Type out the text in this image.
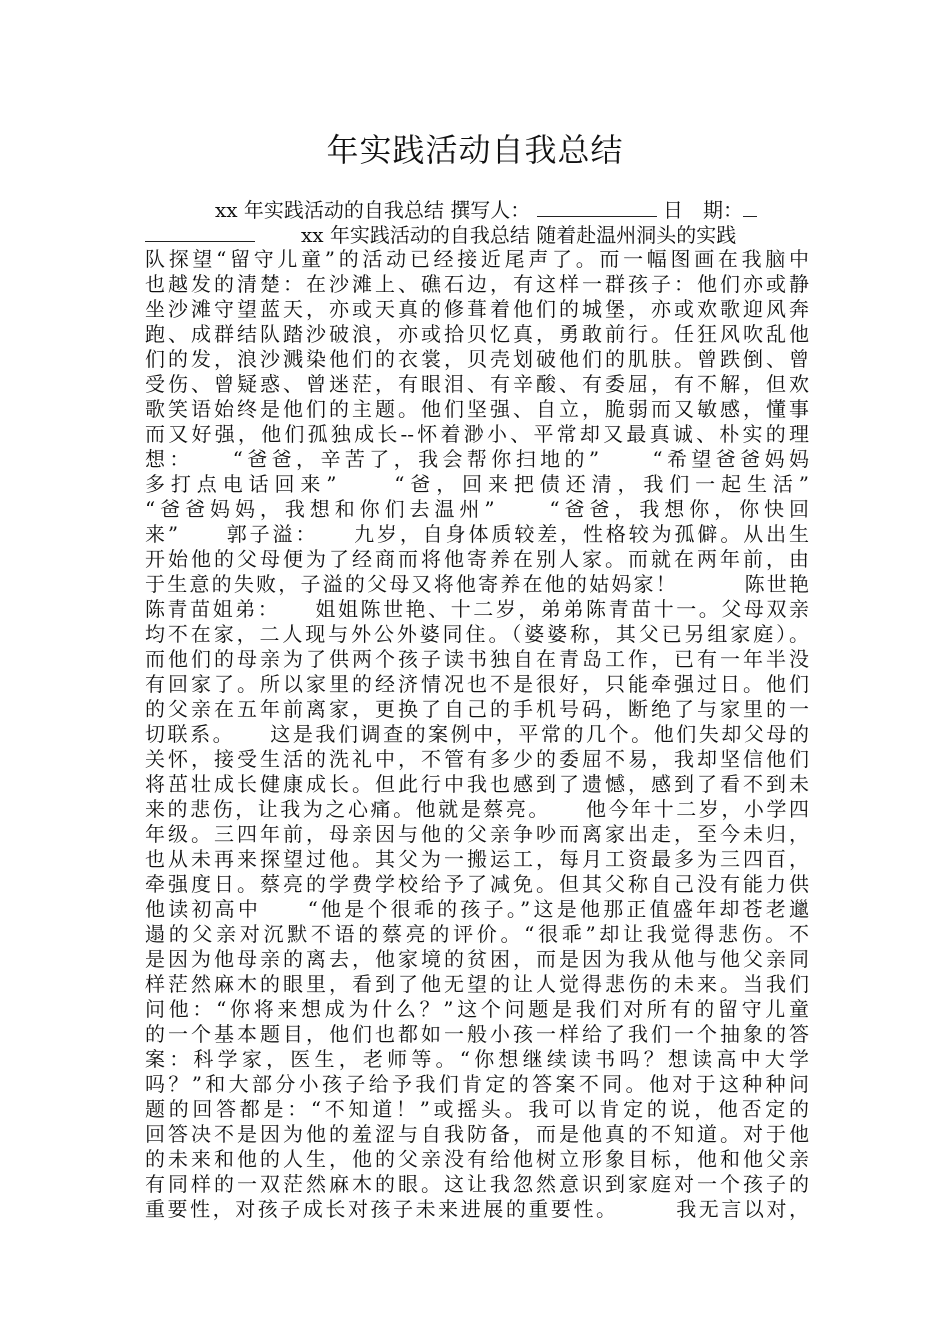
年实践活动自我总结
xx 年实践活动的自我总结 撰写人：	日　期：
xx 年实践活动的自我总结 随着赴温州洞头的实践
队探望“留守儿童”的活动已经接近尾声了。而一幅图画在我脑中
也越发的清楚：在沙滩上、礁石边，有这样一群孩子：他们亦或静
坐沙滩守望蓝天，亦或天真的修葺着他们的城堡，亦或欢歌迎风奔
跑、成群结队踏沙破浪，亦或拾贝忆真，勇敢前行。任狂风吹乱他
们的发，浪沙溅染他们的衣裳，贝壳划破他们的肌肤。曾跌倒、曾
受伤、曾疑惑、曾迷茫，有眼泪、有辛酸、有委屈，有不解，但欢
歌笑语始终是他们的主题。他们坚强、自立，脆弱而又敏感，懂事
而又好强，他们孤独成长--怀着渺小、平常却又最真诚、朴实的理
想：　　“爸爸，辛苦了，我会帮你扫地的”　　“希望爸爸妈妈
多打点电话回来”　　“爸，回来把债还清，我们一起生活”
“爸爸妈妈，我想和你们去温州”　　“爸爸，我想你，你快回
来”　　郭子溢：　　九岁，自身体质较差，性格较为孤僻。从出生
开始他的父母便为了经商而将他寄养在别人家。而就在两年前，由
于生意的失败，子溢的父母又将他寄养在他的姑妈家！　　　陈世艳
陈青苗姐弟：　　姐姐陈世艳、十二岁，弟弟陈青苗十一。父母双亲
均不在家，二人现与外公外婆同住。（婆婆称，其父已另组家庭）。
而他们的母亲为了供两个孩子读书独自在青岛工作，已有一年半没
有回家了。所以家里的经济情况也不是很好，只能牵强过日。他们
的父亲在五年前离家，更换了自己的手机号码，断绝了与家里的一
切联系。　　这是我们调查的案例中，平常的几个。他们失却父母的
关怀，接受生活的洗礼中，不管有多少的委屈不易，我却坚信他们
将茁壮成长健康成长。但此行中我也感到了遗憾，感到了看不到未
来的悲伤，让我为之心痛。他就是蔡亮。　　他今年十二岁，小学四
年级。三四年前，母亲因与他的父亲争吵而离家出走，至今未归，
也从未再来探望过他。其父为一搬运工，每月工资最多为三四百，
牵强度日。蔡亮的学费学校给予了减免。但其父称自己没有能力供
他读初高中　　“他是个很乖的孩子。”这是他那正值盛年却苍老邋
遢的父亲对沉默不语的蔡亮的评价。“很乖”却让我觉得悲伤。不
是因为他母亲的离去，他家境的贫困，而是因为我从他与他父亲同
样茫然麻木的眼里，看到了他无望的让人觉得悲伤的未来。当我们
问他：“你将来想成为什么？”这个问题是我们对所有的留守儿童
的一个基本题目，他们也都如一般小孩一样给了我们一个抽象的答
案：科学家，医生，老师等。“你想继续读书吗？想读高中大学
吗？”和大部分小孩子给予我们肯定的答案不同。他对于这种种问
题的回答都是：“不知道！”或摇头。我可以肯定的说，他否定的
回答决不是因为他的羞涩与自我防备，而是他真的不知道。对于他
的未来和他的人生，他的父亲没有给他树立形象目标，他和他父亲
有同样的一双茫然麻木的眼。这让我忽然意识到家庭对一个孩子的
重要性，对孩子成长对孩子未来进展的重要性。　　　我无言以对，
